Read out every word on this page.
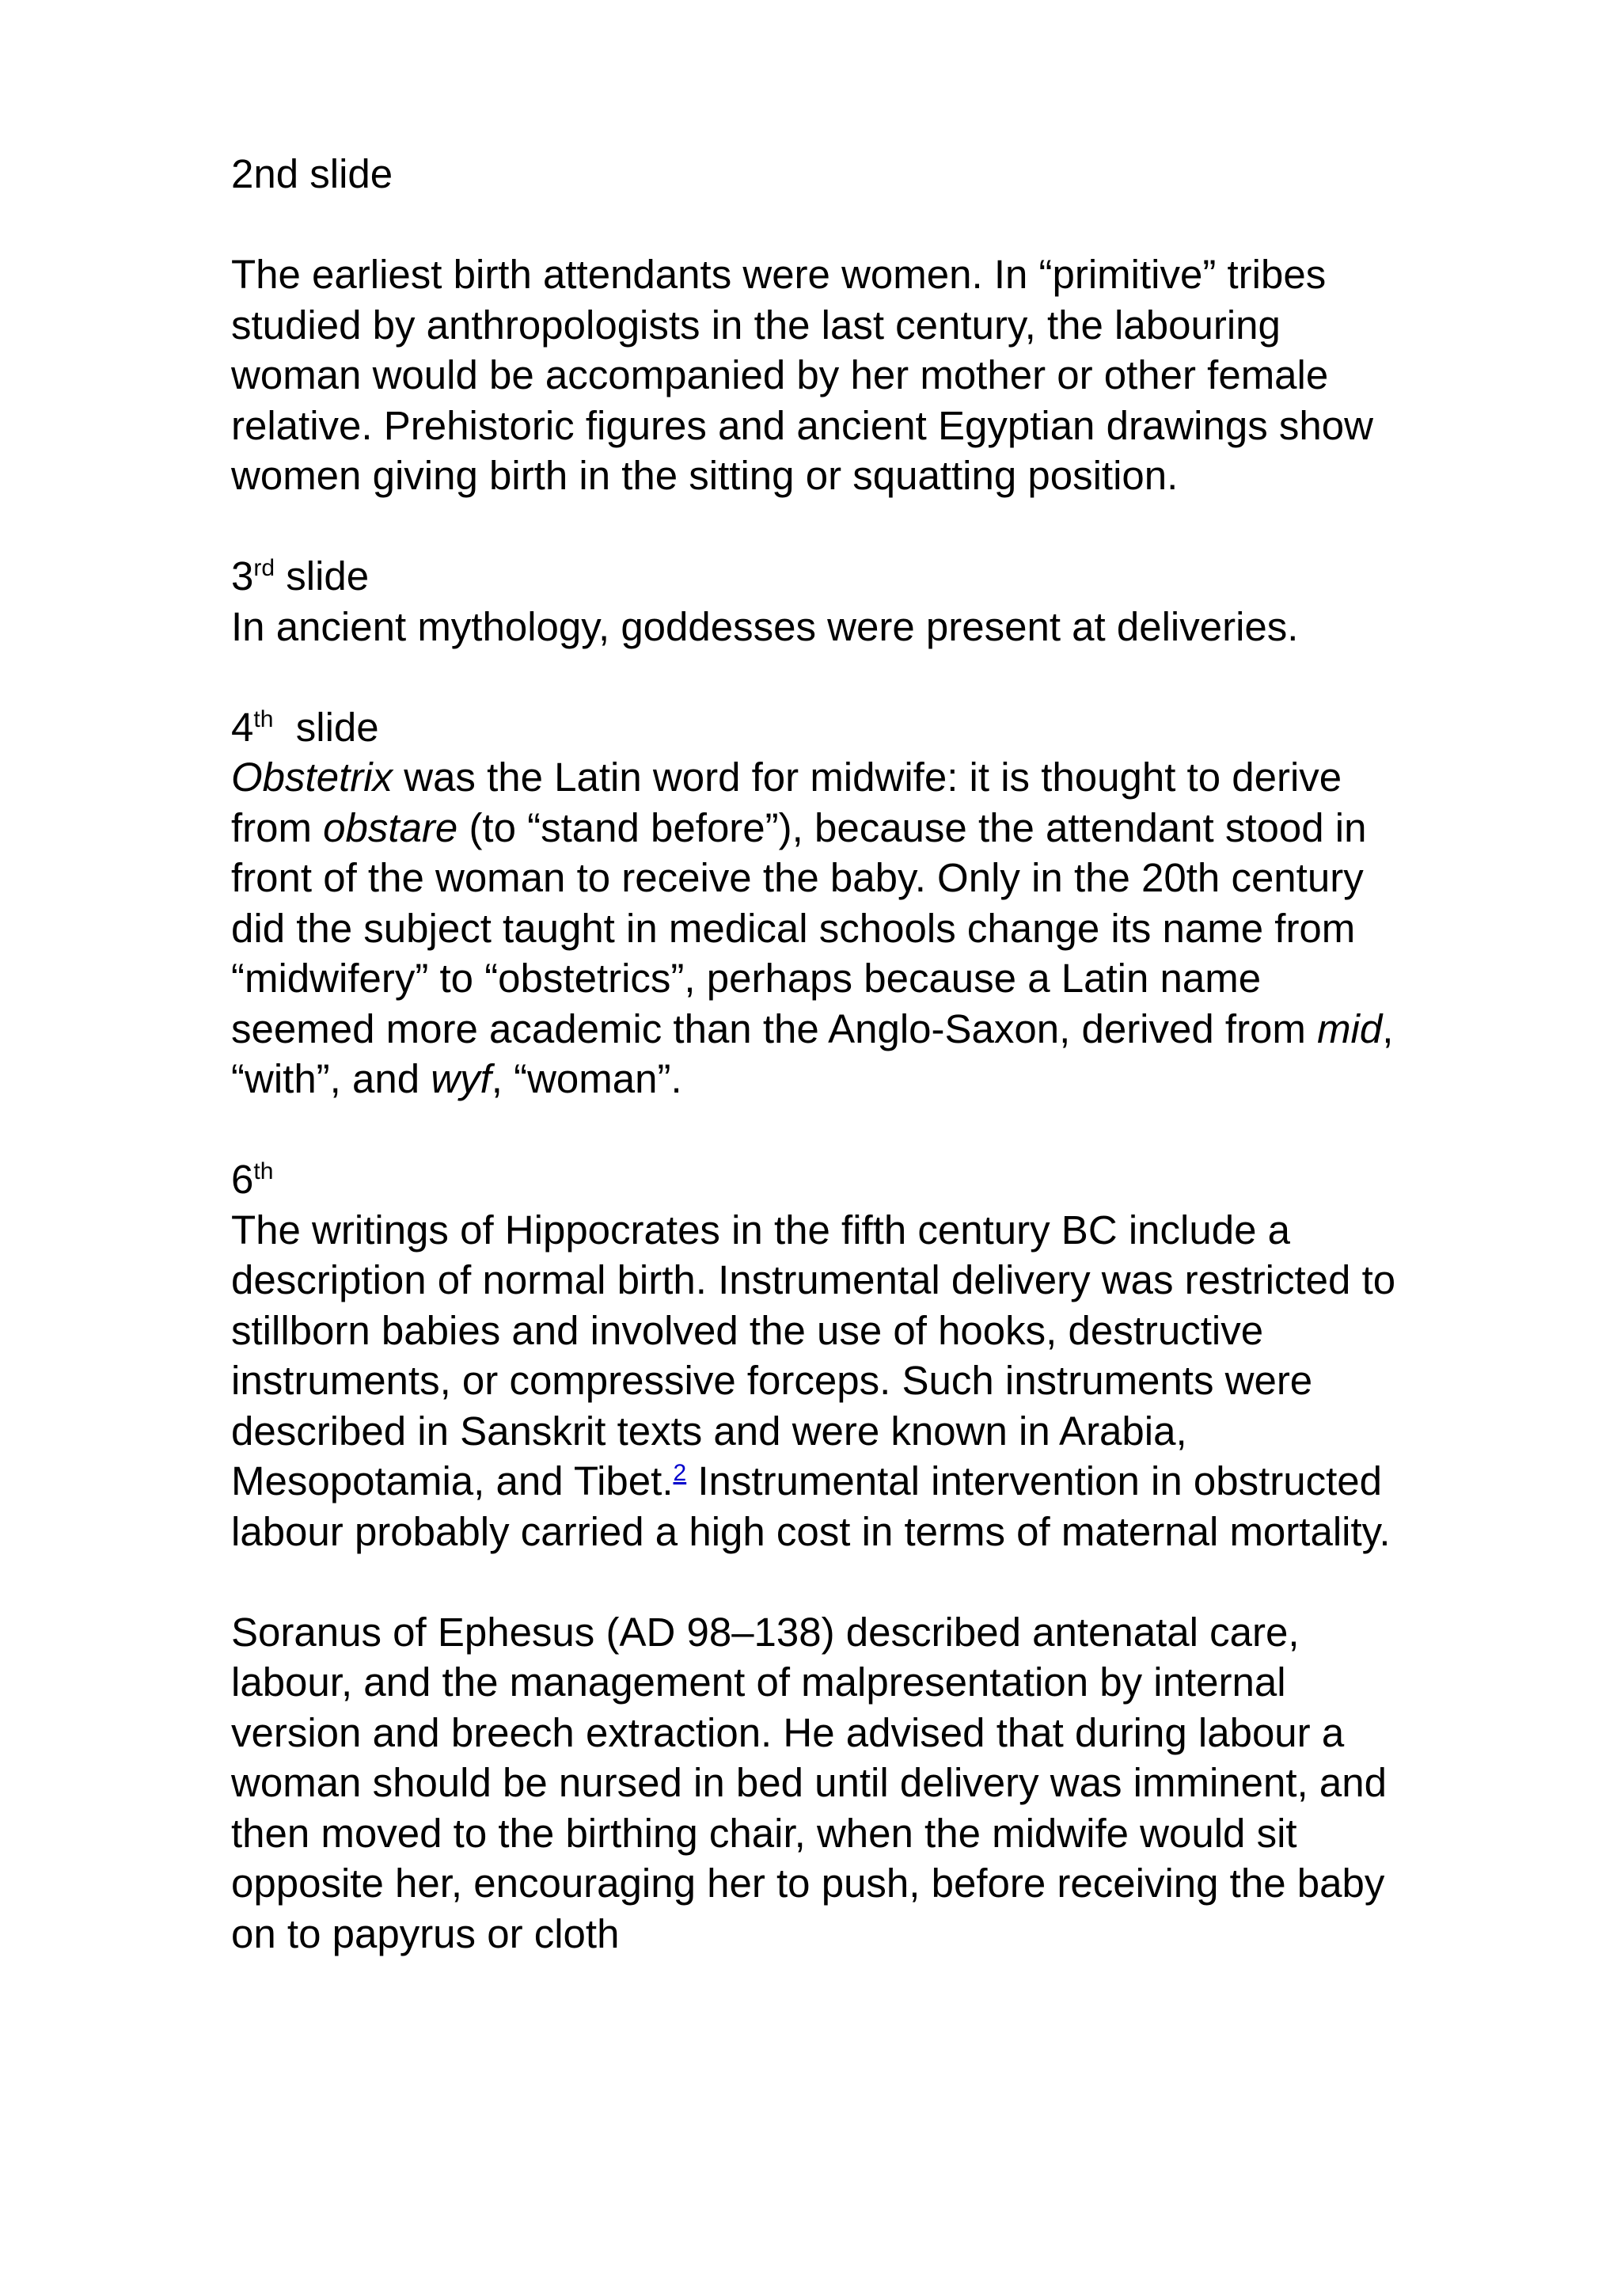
2nd slide

The earliest birth attendants were women. In “primitive” tribes
studied by anthropologists in the last century, the labouring
woman would be accompanied by her mother or other female
relative. Prehistoric figures and ancient Egyptian drawings show
women giving birth in the sitting or squatting position.
3rd slide
In ancient mythology, goddesses were present at deliveries.
4th  slide
Obstetrix was the Latin word for midwife: it is thought to derive
from obstare (to “stand before”), because the attendant stood in
front of the woman to receive the baby. Only in the 20th century
did the subject taught in medical schools change its name from
“midwifery” to “obstetrics”, perhaps because a Latin name
seemed more academic than the Anglo-Saxon, derived from mid,
“with”, and wyf, “woman”.
6th
The writings of Hippocrates in the fifth century BC include a
description of normal birth. Instrumental delivery was restricted to
stillborn babies and involved the use of hooks, destructive
instruments, or compressive forceps. Such instruments were
described in Sanskrit texts and were known in Arabia,
Mesopotamia, and Tibet.$^2$ Instrumental intervention in obstructed
labour probably carried a high cost in terms of maternal mortality.
Soranus of Ephesus (AD 98–138) described antenatal care,
labour, and the management of malpresentation by internal
version and breech extraction. He advised that during labour a
woman should be nursed in bed until delivery was imminent, and
then moved to the birthing chair, when the midwife would sit
opposite her, encouraging her to push, before receiving the baby
on to papyrus or cloth
